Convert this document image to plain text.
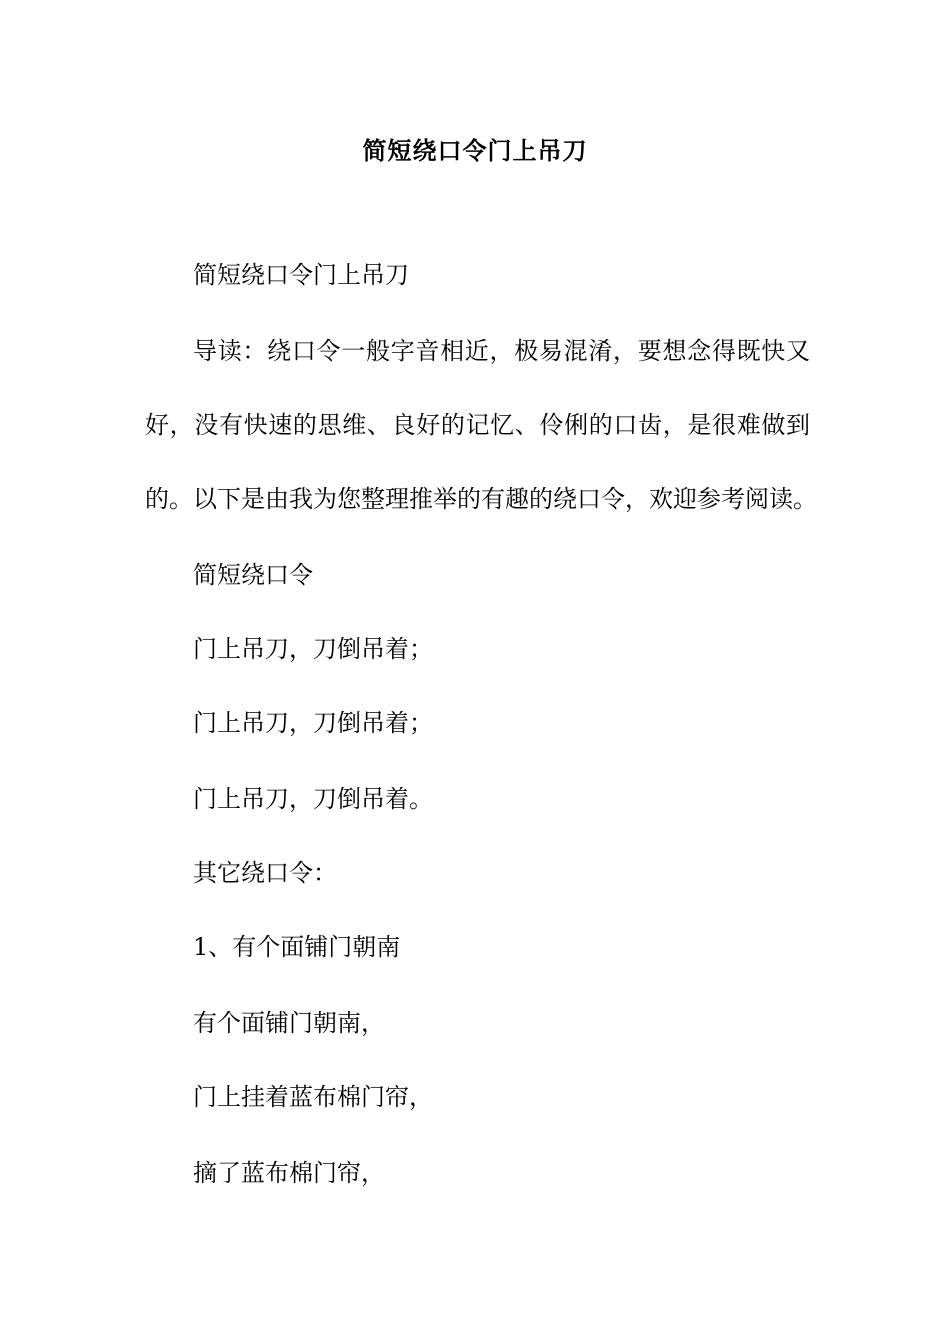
简短绕口令门上吊刀
简短绕口令门上吊刀
导读：绕口令一般字音相近，极易混淆，要想念得既快又
好，没有快速的思维、良好的记忆、伶俐的口齿，是很难做到
的。以下是由我为您整理推举的有趣的绕口令，欢迎参考阅读。
简短绕口令
门上吊刀，刀倒吊着；
门上吊刀，刀倒吊着；
门上吊刀，刀倒吊着。
其它绕口令：
1、有个面铺门朝南
有个面铺门朝南，
门上挂着蓝布棉门帘，
摘了蓝布棉门帘，
